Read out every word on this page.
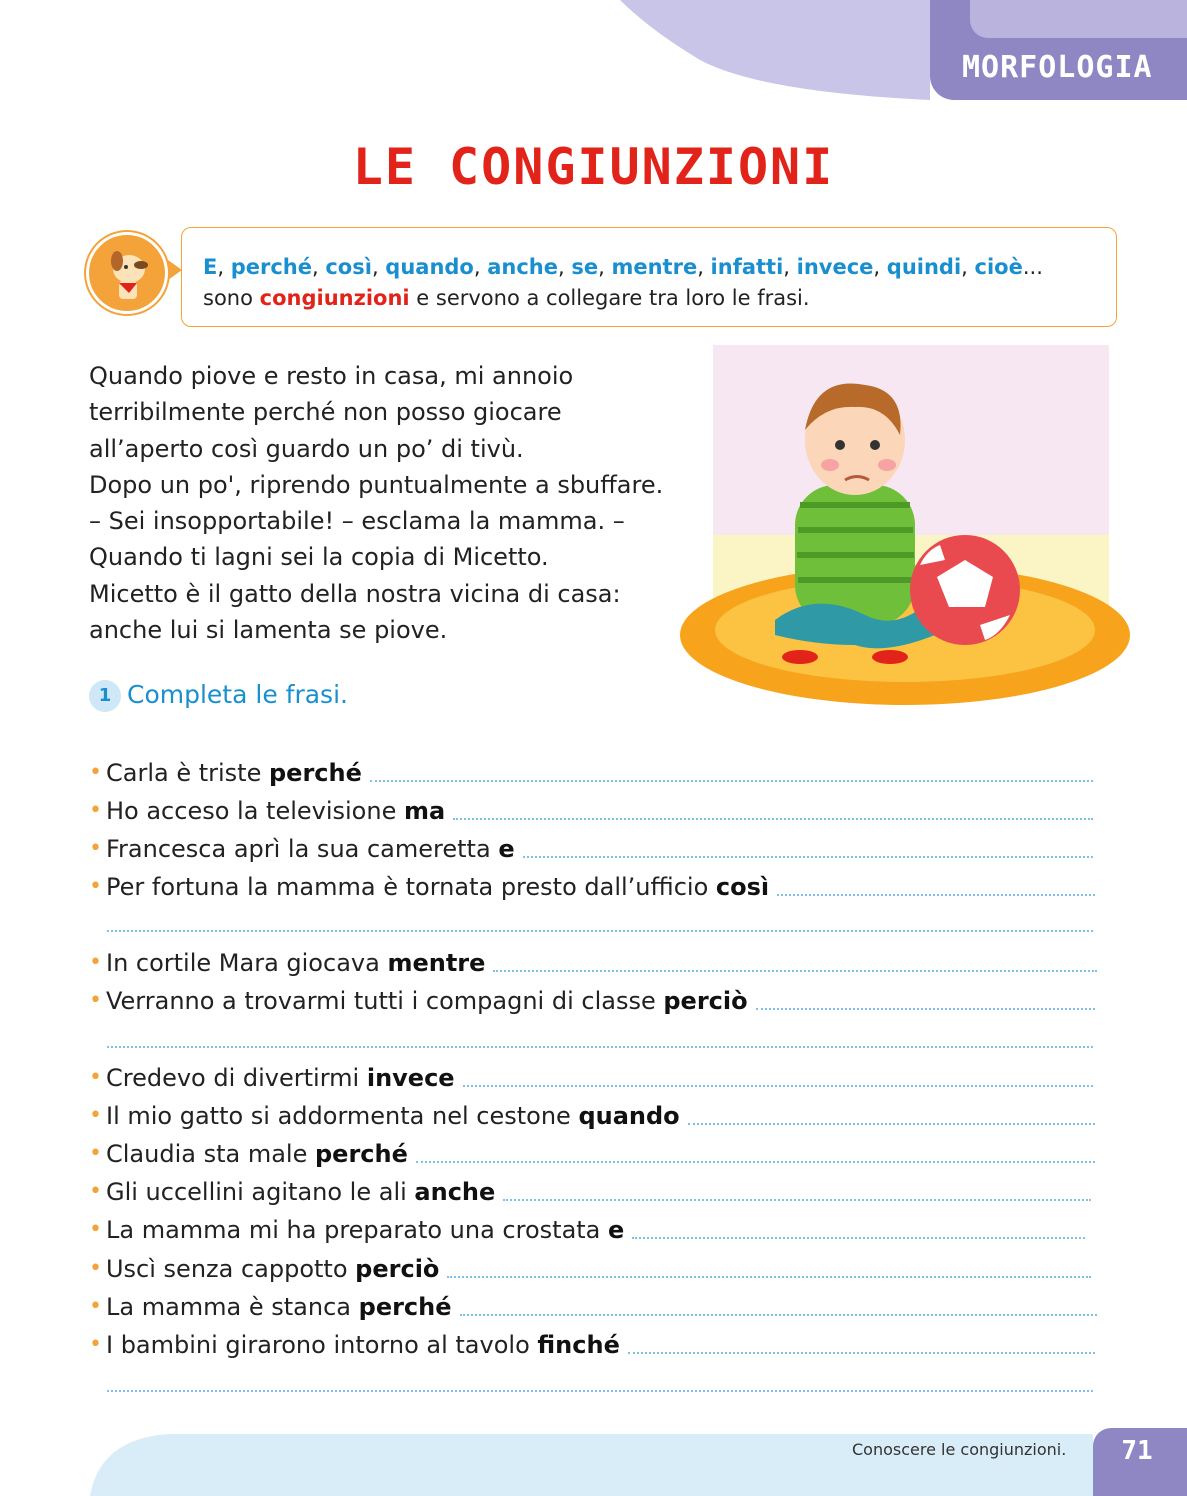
MORFOLOGIA
LE CONGIUNZIONI
E, perché, così, quando, anche, se, mentre, infatti, invece, quindi, cioè...
sono congiunzioni e servono a collegare tra loro le frasi.

Quando piove e resto in casa, mi annoio

terribilmente perché non posso giocare

all’aperto così guardo un po’ di tivù.

Dopo un po', riprendo puntualmente a sbuffare.

– Sei insopportabile! – esclama la mamma. –

Quando ti lagni sei la copia di Micetto.

Micetto è il gatto della nostra vicina di casa:

anche lui si lamenta se piove.

1 Completa le frasi.
• Carla è triste
perché
• Ho acceso la televisione
ma
• Francesca aprì la sua cameretta
e
• Per fortuna la mamma è tornata presto dall’ufficio
così
• In cortile Mara giocava
mentre
• Verranno a trovarmi tutti i compagni di classe
perciò
• Credevo di divertirmi
invece
• Il mio gatto si addormenta nel cestone
quando
• Claudia sta male
perché
• Gli uccellini agitano le ali
anche
• La mamma mi ha preparato una crostata
e
• Uscì senza cappotto
perciò
• La mamma è stanca
perché
• I bambini girarono intorno al tavolo
finché
Conoscere le congiunzioni.	71
